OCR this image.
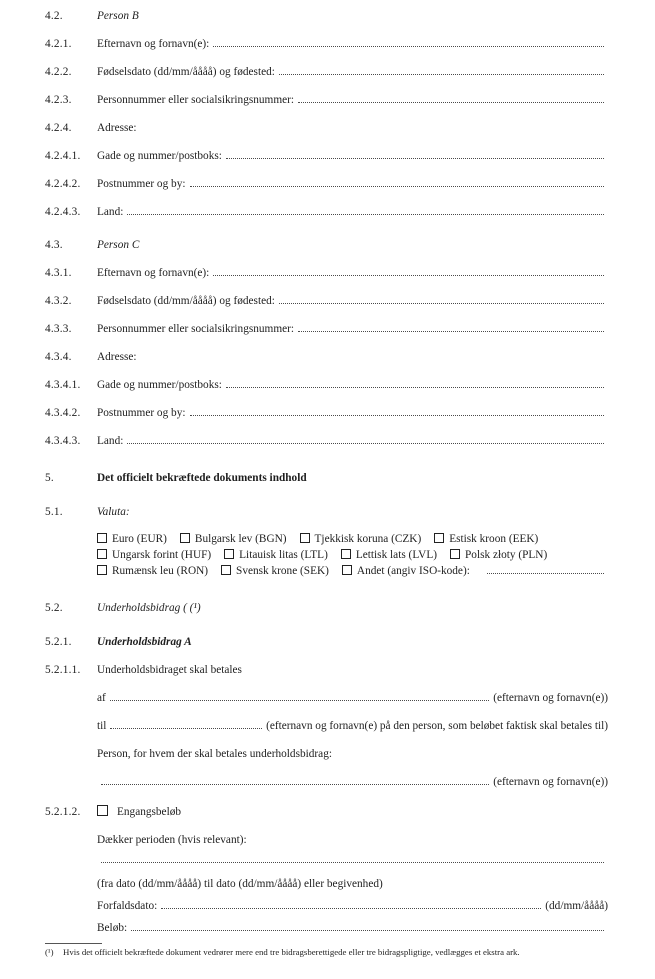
4.2.	Person B
4.2.1.	Efternavn og fornavn(e):
4.2.2.	Fødselsdato (dd/mm/åååå) og fødested:
4.2.3.	Personnummer eller socialsikringsnummer:
4.2.4.	Adresse:
4.2.4.1.	Gade og nummer/postboks:
4.2.4.2.	Postnummer og by:
4.2.4.3.	Land:
4.3.	Person C
4.3.1.	Efternavn og fornavn(e):
4.3.2.	Fødselsdato (dd/mm/åååå) og fødested:
4.3.3.	Personnummer eller socialsikringsnummer:
4.3.4.	Adresse:
4.3.4.1.	Gade og nummer/postboks:
4.3.4.2.	Postnummer og by:
4.3.4.3.	Land:
5.	Det officielt bekræftede dokuments indhold
5.1.	Valuta:
Euro (EUR)	Bulgarsk lev (BGN)	Tjekkisk koruna (CZK)	Estisk kroon (EEK)
Ungarsk forint (HUF)	Litauisk litas (LTL)	Lettisk lats (LVL)	Polsk złoty (PLN)
Rumænsk leu (RON)	Svensk krone (SEK)	Andet (angiv ISO-kode):
5.2.	Underholdsbidrag ( (¹)
5.2.1.	Underholdsbidrag A
5.2.1.1.	Underholdsbidraget skal betales
af	(efternavn og fornavn(e))
til	(efternavn og fornavn(e) på den person, som beløbet faktisk skal betales til)
Person, for hvem der skal betales underholdsbidrag:
(efternavn og fornavn(e))
5.2.1.2.	Engangsbeløb
Dækker perioden (hvis relevant):
(fra dato (dd/mm/åååå) til dato (dd/mm/åååå) eller begivenhed)
Forfaldsdato:	(dd/mm/åååå)
Beløb:
(¹)	Hvis det officielt bekræftede dokument vedrører mere end tre bidragsberettigede eller tre bidragspligtige, vedlægges et ekstra ark.
